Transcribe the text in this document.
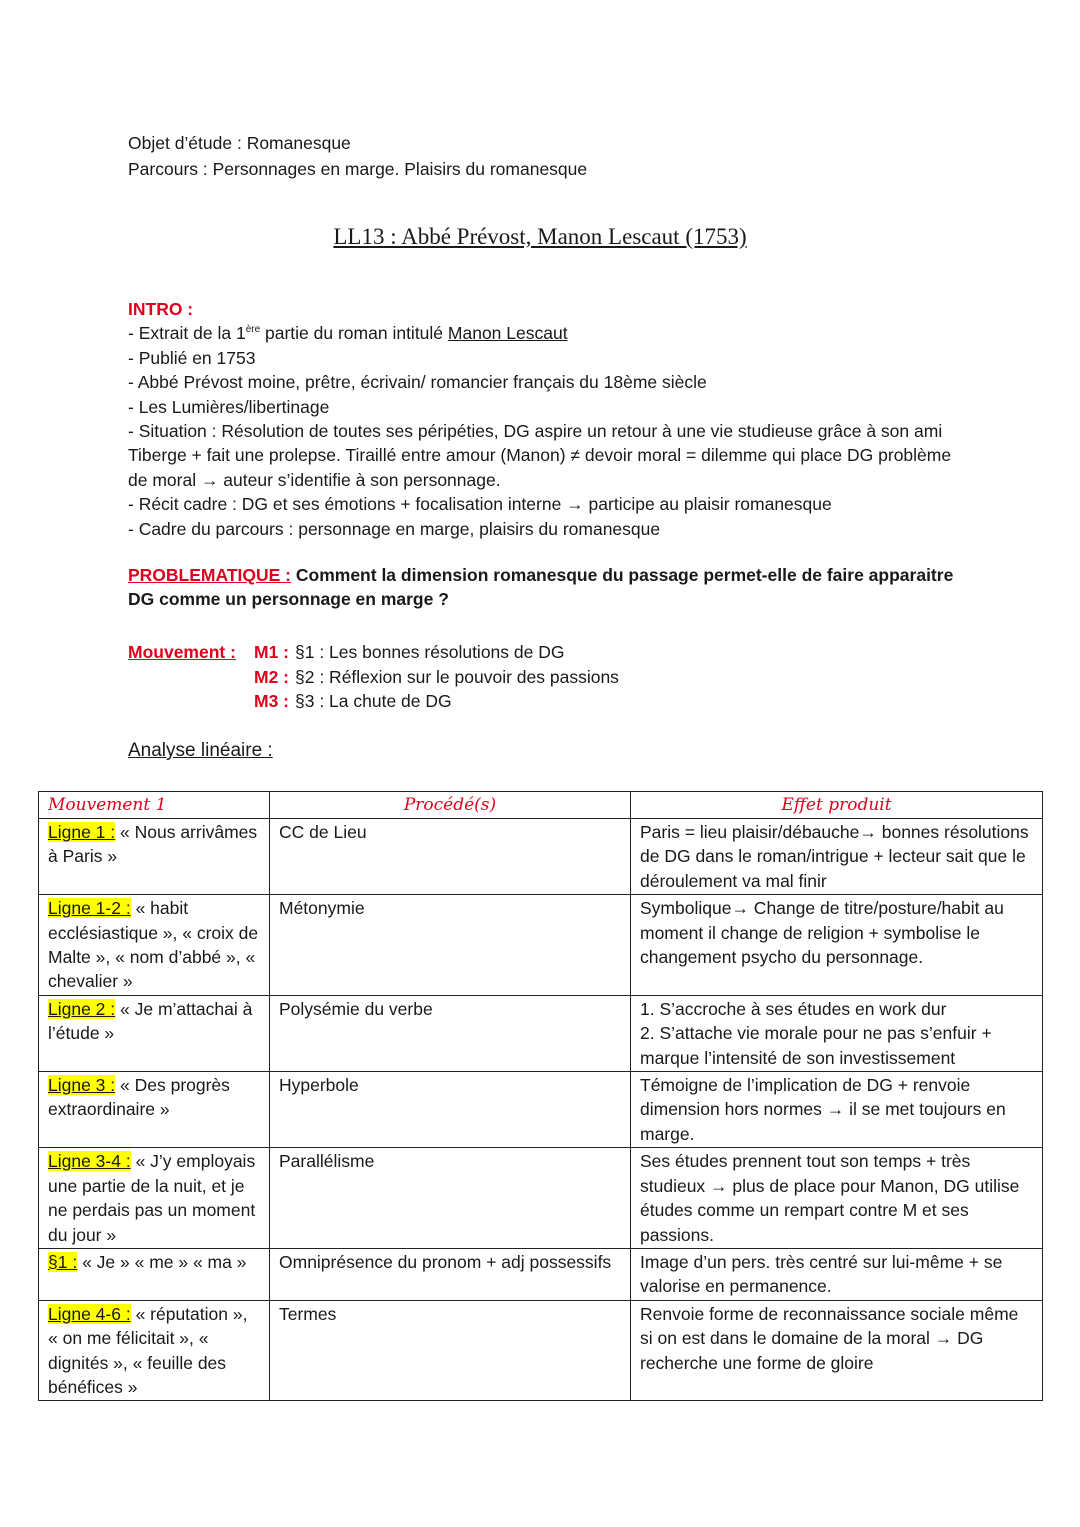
Objet d’étude : Romanesque
Parcours : Personnages en marge. Plaisirs du romanesque
LL13 : Abbé Prévost, Manon Lescaut (1753)
INTRO :
- Extrait de la 1ère partie du roman intitulé Manon Lescaut
- Publié en 1753
- Abbé Prévost moine, prêtre, écrivain/ romancier français du 18ème siècle
- Les Lumières/libertinage
- Situation : Résolution de toutes ses péripéties, DG aspire un retour à une vie studieuse grâce à son ami Tiberge + fait une prolepse. Tiraillé entre amour (Manon) ≠ devoir moral = dilemme qui place DG problème de moral → auteur s’identifie à son personnage.
- Récit cadre : DG et ses émotions + focalisation interne → participe au plaisir romanesque
- Cadre du parcours : personnage en marge, plaisirs du romanesque
PROBLEMATIQUE : Comment la dimension romanesque du passage permet-elle de faire apparaitre DG comme un personnage en marge ?
Mouvement :	M1 : §1 : Les bonnes résolutions de DG
M2 : §2 : Réflexion sur le pouvoir des passions
M3 : §3 : La chute de DG
Analyse linéaire :
Mouvement 1	Procédé(s)	Effet produit
Ligne 1 : « Nous arrivâmes à Paris »	CC de Lieu	Paris = lieu plaisir/débauche→ bonnes résolutions de DG dans le roman/intrigue + lecteur sait que le déroulement va mal finir
Ligne 1-2 : « habit ecclésiastique », « croix de Malte », « nom d’abbé », « chevalier »	Métonymie	Symbolique→ Change de titre/posture/habit au moment il change de religion + symbolise le changement psycho du personnage.
Ligne 2 : « Je m’attachai à l’étude »	Polysémie du verbe	1. S’accroche à ses études en work dur
2. S’attache vie morale pour ne pas s’enfuir + marque l’intensité de son investissement
Ligne 3 : « Des progrès extraordinaire »	Hyperbole	Témoigne de l’implication de DG + renvoie dimension hors normes → il se met toujours en marge.
Ligne 3-4 : « J’y employais une partie de la nuit, et je ne perdais pas un moment du jour »	Parallélisme	Ses études prennent tout son temps + très studieux → plus de place pour Manon, DG utilise études comme un rempart contre M et ses passions.
§1 : « Je » « me » « ma »	Omniprésence du pronom + adj possessifs	Image d’un pers. très centré sur lui-même + se valorise en permanence.
Ligne 4-6 : « réputation », « on me félicitait », « dignités », « feuille des bénéfices »	Termes	Renvoie forme de reconnaissance sociale même si on est dans le domaine de la moral → DG recherche une forme de gloire
